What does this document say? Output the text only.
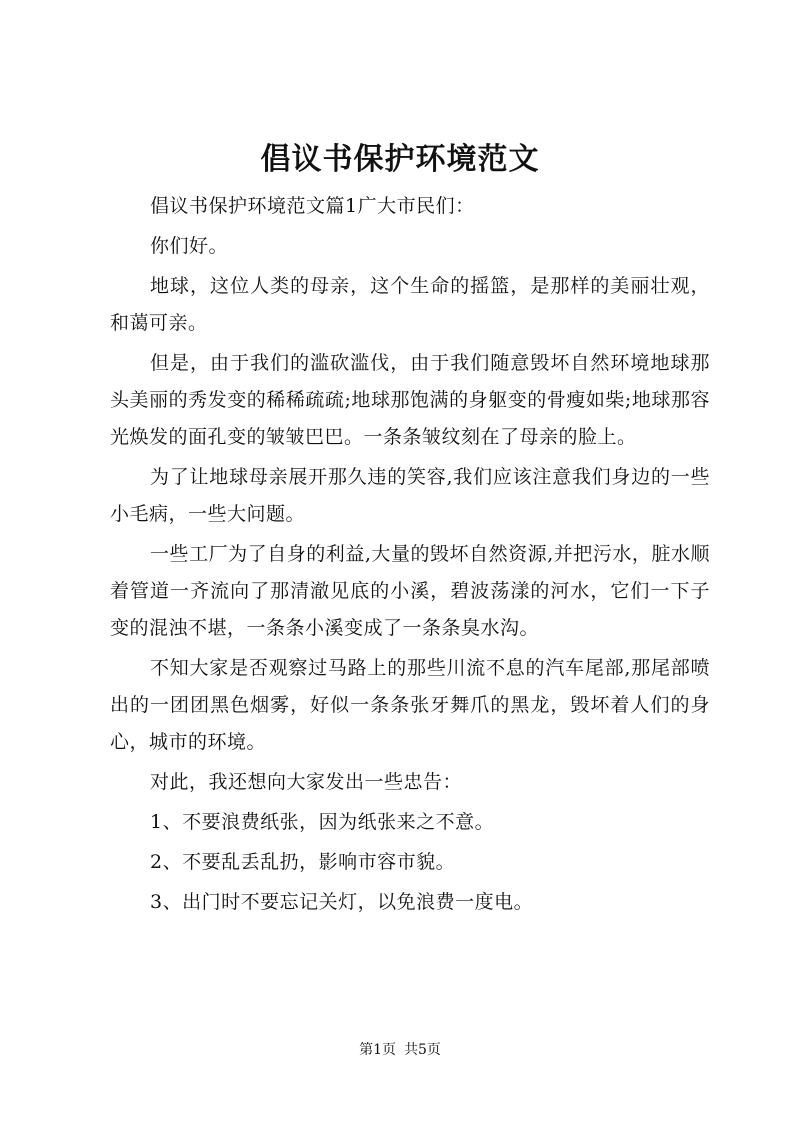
倡议书保护环境范文

倡议书保护环境范文篇1广大市民们：

你们好。

地球，这位人类的母亲，这个生命的摇篮，是那样的美丽壮观，和蔼可亲。

但是，由于我们的滥砍滥伐，由于我们随意毁坏自然环境地球那头美丽的秀发变的稀稀疏疏;地球那饱满的身躯变的骨瘦如柴;地球那容光焕发的面孔变的皱皱巴巴。一条条皱纹刻在了母亲的脸上。

为了让地球母亲展开那久违的笑容,我们应该注意我们身边的一些小毛病，一些大问题。

一些工厂为了自身的利益,大量的毁坏自然资源,并把污水，脏水顺着管道一齐流向了那清澈见底的小溪，碧波荡漾的河水，它们一下子变的混浊不堪，一条条小溪变成了一条条臭水沟。

不知大家是否观察过马路上的那些川流不息的汽车尾部,那尾部喷出的一团团黑色烟雾，好似一条条张牙舞爪的黑龙，毁坏着人们的身心，城市的环境。

对此，我还想向大家发出一些忠告：

1、不要浪费纸张，因为纸张来之不意。

2、不要乱丢乱扔，影响市容市貌。

3、出门时不要忘记关灯，以免浪费一度电。

第1页 共5页
